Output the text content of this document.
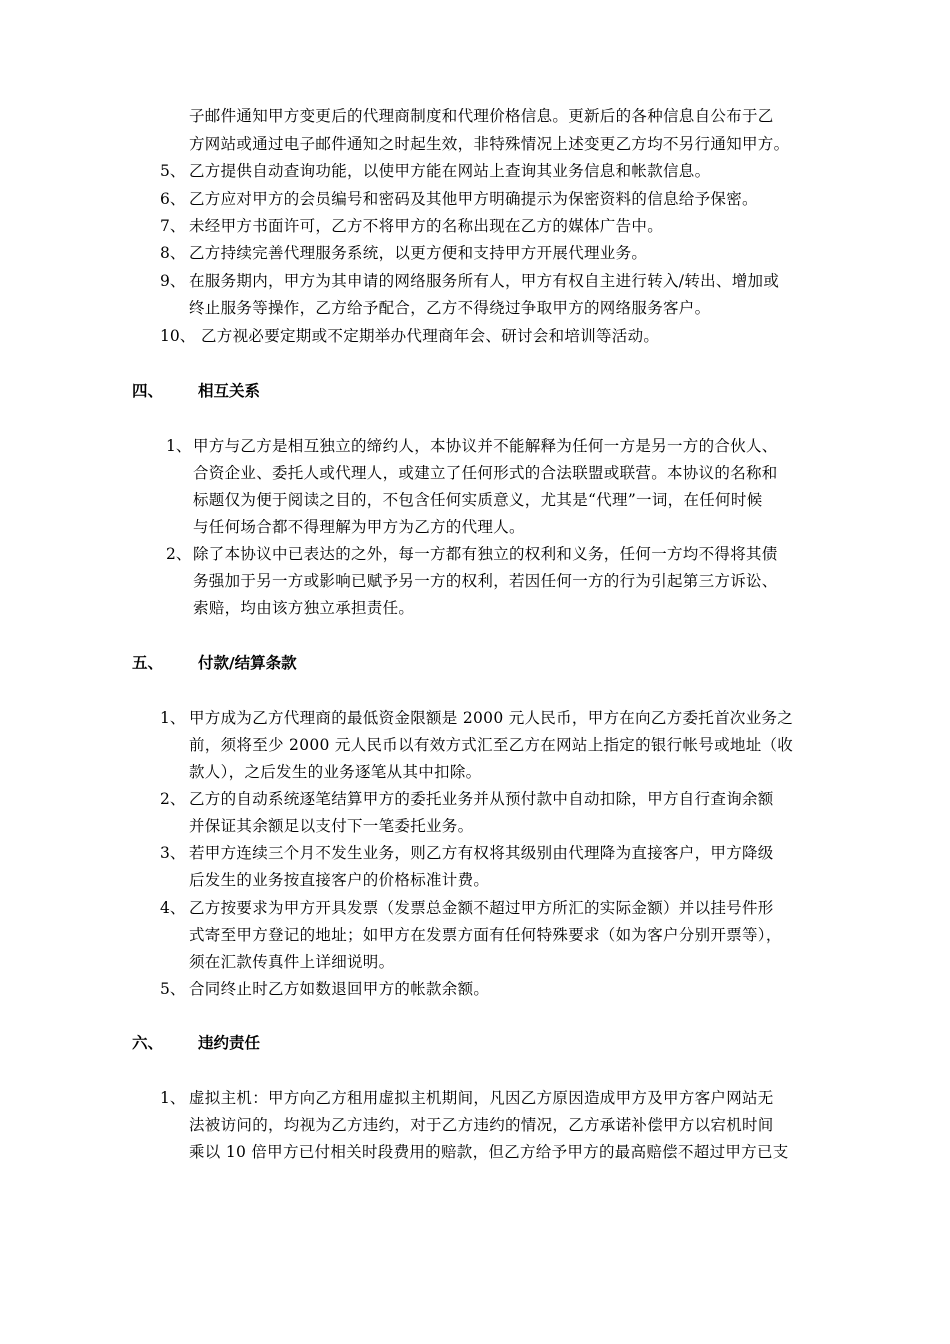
子邮件通知甲方变更后的代理商制度和代理价格信息。更新后的各种信息自公布于乙
方网站或通过电子邮件通知之时起生效，非特殊情况上述变更乙方均不另行通知甲方。
5、 乙方提供自动查询功能，以使甲方能在网站上查询其业务信息和帐款信息。
6、 乙方应对甲方的会员编号和密码及其他甲方明确提示为保密资料的信息给予保密。
7、 未经甲方书面许可，乙方不将甲方的名称出现在乙方的媒体广告中。
8、 乙方持续完善代理服务系统，以更方便和支持甲方开展代理业务。
9、 在服务期内，甲方为其申请的网络服务所有人，甲方有权自主进行转入/转出、增加或
终止服务等操作，乙方给予配合，乙方不得绕过争取甲方的网络服务客户。
10、 乙方视必要定期或不定期举办代理商年会、研讨会和培训等活动。
四、 相互关系
1、 甲方与乙方是相互独立的缔约人，本协议并不能解释为任何一方是另一方的合伙人、
合资企业、委托人或代理人，或建立了任何形式的合法联盟或联营。本协议的名称和
标题仅为便于阅读之目的，不包含任何实质意义，尤其是“代理”一词，在任何时候
与任何场合都不得理解为甲方为乙方的代理人。
2、 除了本协议中已表达的之外，每一方都有独立的权利和义务，任何一方均不得将其债
务强加于另一方或影响已赋予另一方的权利，若因任何一方的行为引起第三方诉讼、
索赔，均由该方独立承担责任。
五、 付款/结算条款
1、 甲方成为乙方代理商的最低资金限额是 2000 元人民币，甲方在向乙方委托首次业务之
前，须将至少 2000 元人民币以有效方式汇至乙方在网站上指定的银行帐号或地址（收
款人），之后发生的业务逐笔从其中扣除。
2、 乙方的自动系统逐笔结算甲方的委托业务并从预付款中自动扣除，甲方自行查询余额
并保证其余额足以支付下一笔委托业务。
3、 若甲方连续三个月不发生业务，则乙方有权将其级别由代理降为直接客户，甲方降级
后发生的业务按直接客户的价格标准计费。
4、 乙方按要求为甲方开具发票（发票总金额不超过甲方所汇的实际金额）并以挂号件形
式寄至甲方登记的地址；如甲方在发票方面有任何特殊要求（如为客户分别开票等），
须在汇款传真件上详细说明。
5、 合同终止时乙方如数退回甲方的帐款余额。
六、 违约责任
1、 虚拟主机：甲方向乙方租用虚拟主机期间，凡因乙方原因造成甲方及甲方客户网站无
法被访问的，均视为乙方违约，对于乙方违约的情况，乙方承诺补偿甲方以宕机时间
乘以 10 倍甲方已付相关时段费用的赔款，但乙方给予甲方的最高赔偿不超过甲方已支
